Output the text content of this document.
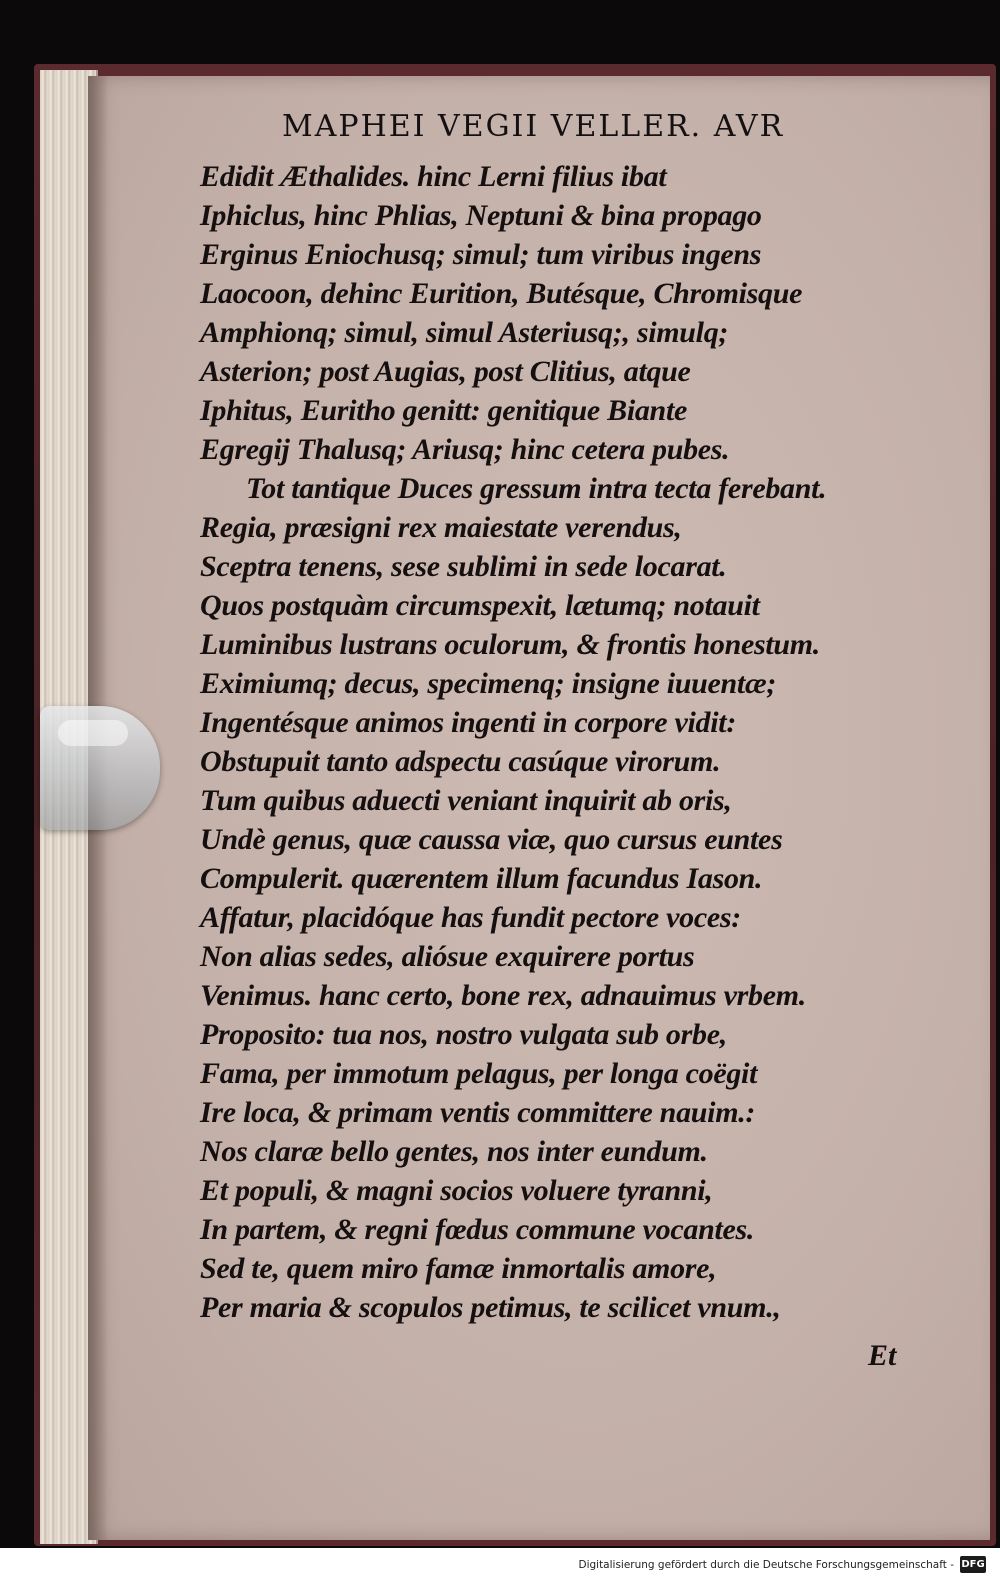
MAPHEI VEGII VELLER. AVR
Edidit Æthalides. hinc Lerni filius ibat
Iphiclus, hinc Phlias, Neptuni & bina propago
Erginus Eniochusq; simul; tum viribus ingens
Laocoon, dehinc Eurition, Butésque, Chromisque
Amphionq; simul, simul Asteriusq;, simulq;
Asterion; post Augias, post Clitius, atque
Iphitus, Euritho genitt: genitique Biante
Egregij Thalusq; Ariusq; hinc cetera pubes.
Tot tantique Duces gressum intra tecta ferebant.
Regia, præsigni rex maiestate verendus,
Sceptra tenens, sese sublimi in sede locarat.
Quos postquàm circumspexit, lætumq; notauit
Luminibus lustrans oculorum, & frontis honestum.
Eximiumq; decus, specimenq; insigne iuuentæ;
Ingentésque animos ingenti in corpore vidit:
Obstupuit tanto adspectu casúque virorum.
Tum quibus aduecti veniant inquirit ab oris,
Undè genus, quæ caussa viæ, quo cursus euntes
Compulerit. quærentem illum facundus Iason.
Affatur, placidóque has fundit pectore voces:
Non alias sedes, aliósue exquirere portus
Venimus. hanc certo, bone rex, adnauimus vrbem.
Proposito: tua nos, nostro vulgata sub orbe,
Fama, per immotum pelagus, per longa coëgit
Ire loca, & primam ventis committere nauim.:
Nos claræ bello gentes, nos inter eundum.
Et populi, & magni socios voluere tyranni,
In partem, & regni fœdus commune vocantes.
Sed te, quem miro famæ inmortalis amore,
Per maria & scopulos petimus, te scilicet vnum.,
Et
Digitalisierung gefördert durch die Deutsche Forschungsgemeinschaft - DFG
